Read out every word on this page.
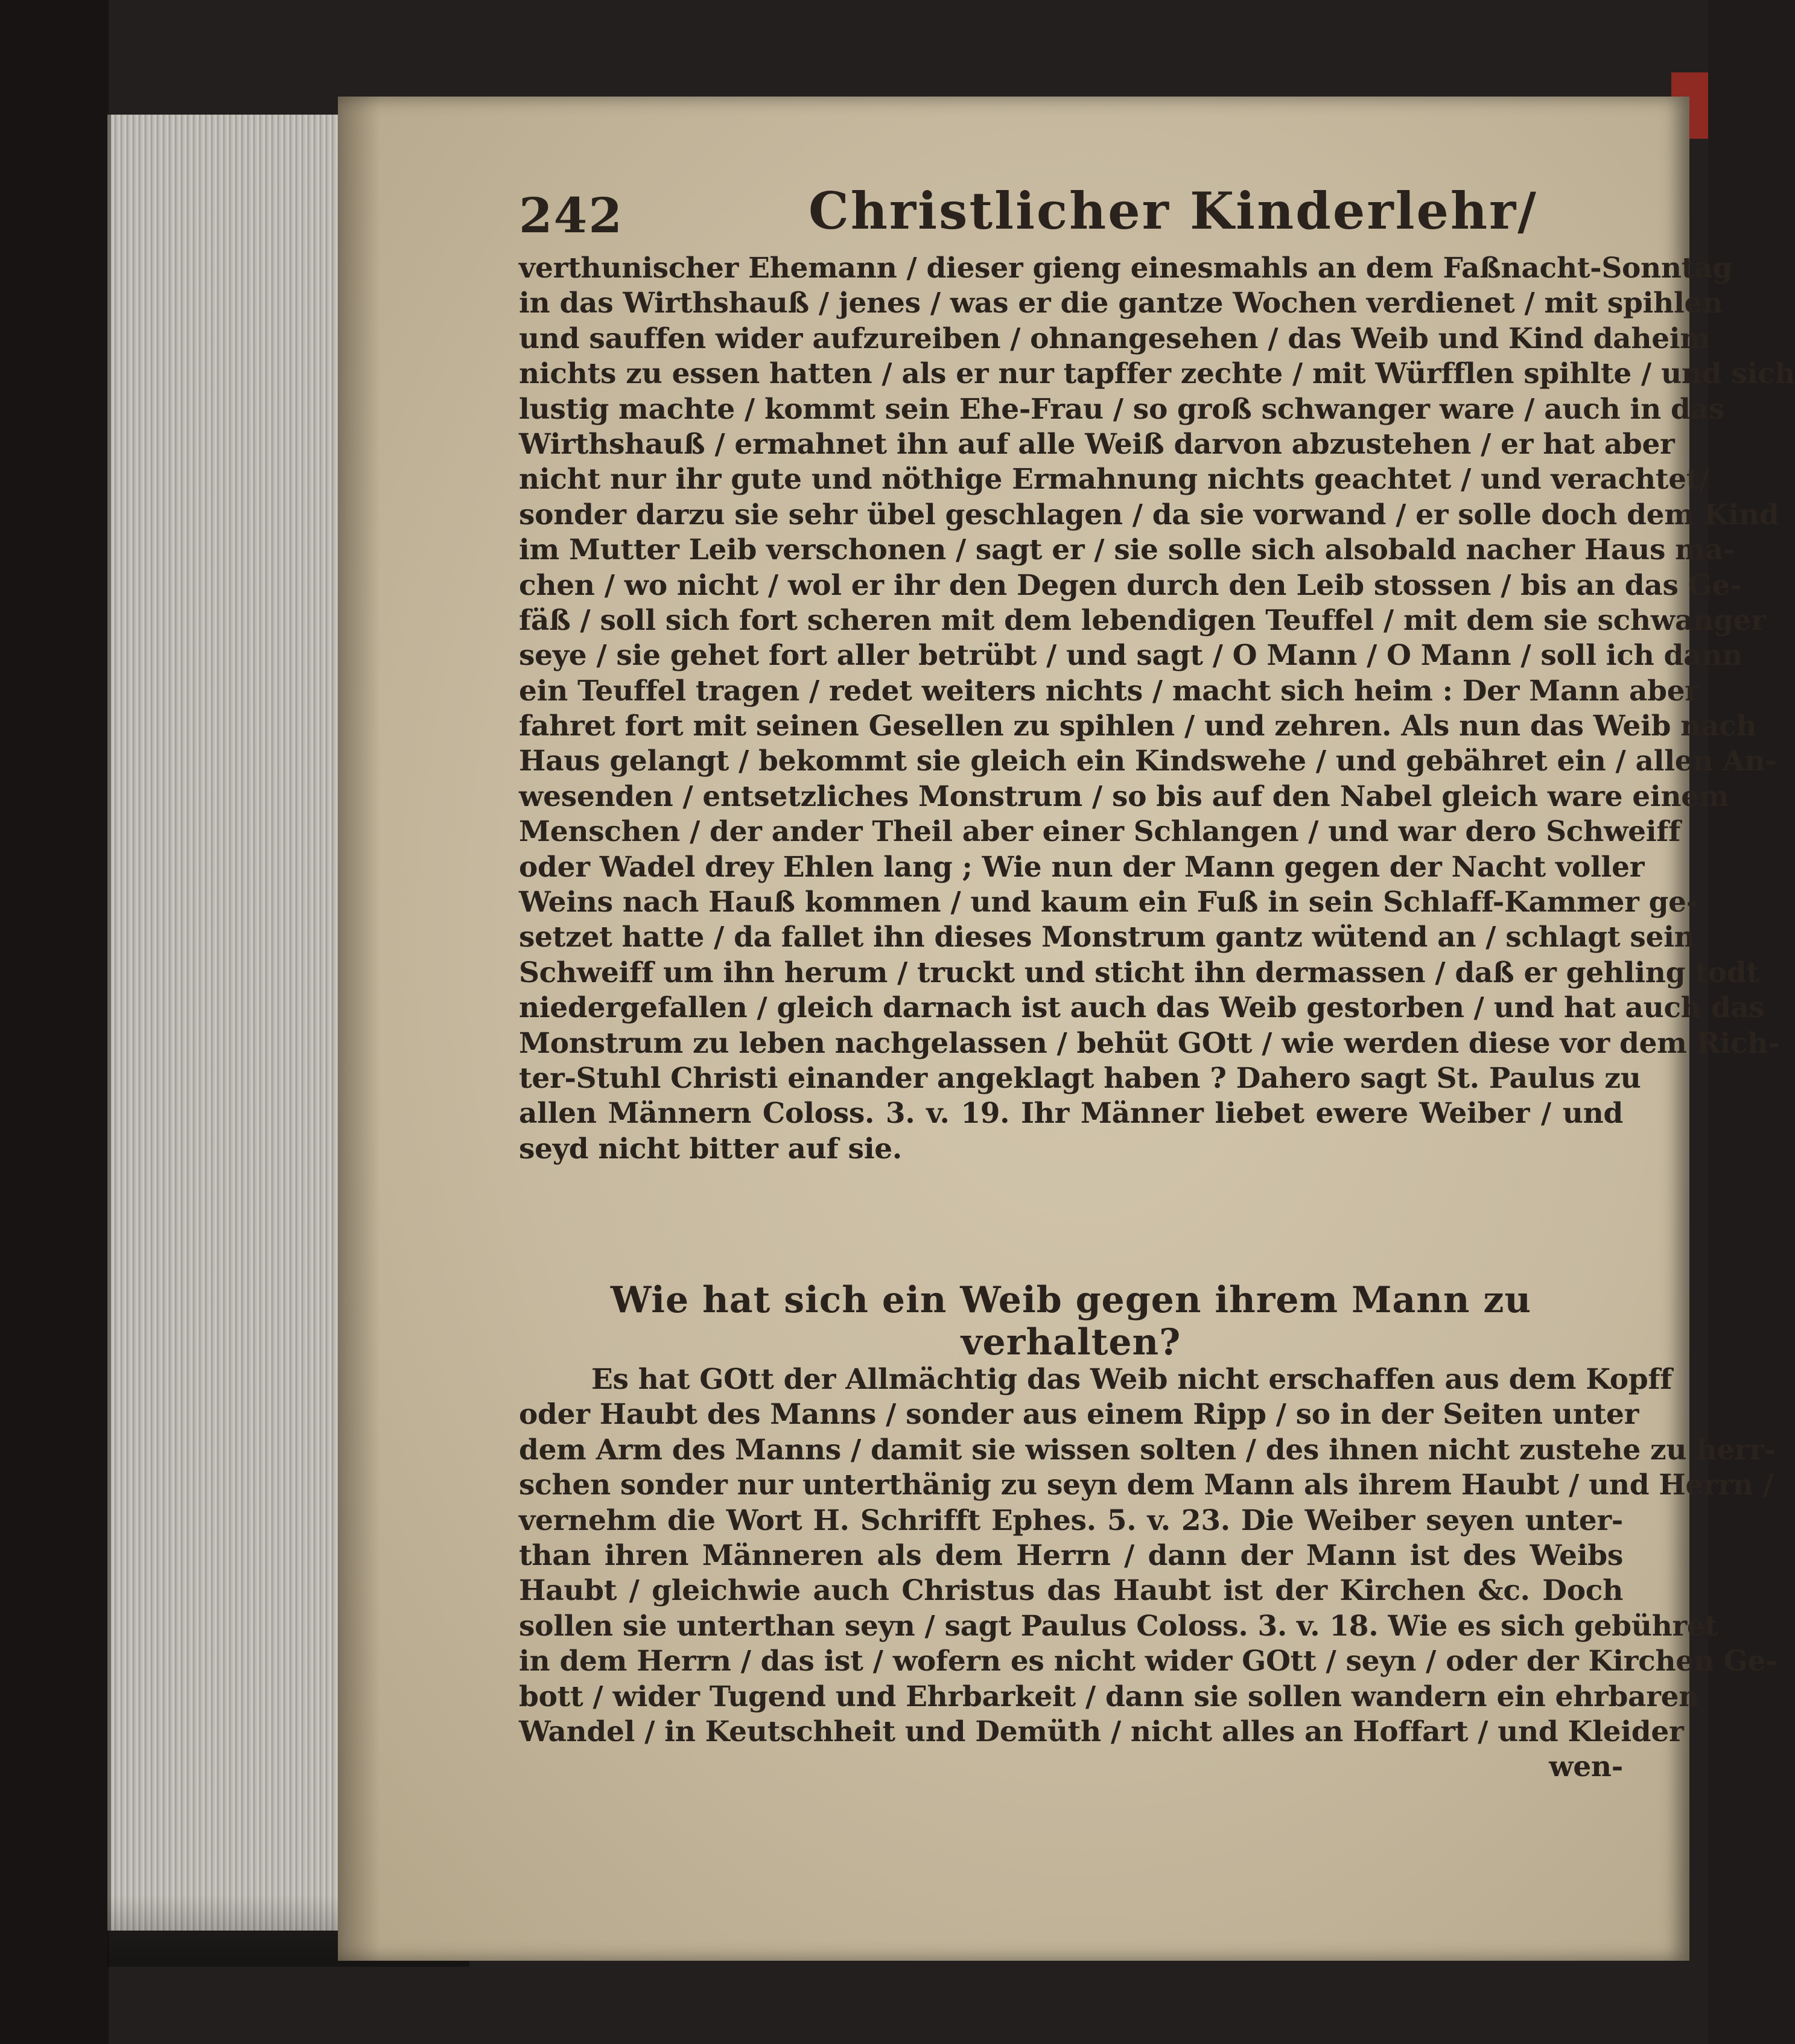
242	Christlicher Kinderlehr/
verthunischer Ehemann / dieser gieng einesmahls an dem Faßnacht-Sonntag
in das Wirthshauß / jenes / was er die gantze Wochen verdienet / mit spihlen
und sauffen wider aufzureiben / ohnangesehen / das Weib und Kind daheim
nichts zu essen hatten / als er nur tapffer zechte / mit Würfflen spihlte / und sich
lustig machte / kommt sein Ehe-Frau / so groß schwanger ware / auch in das
Wirthshauß / ermahnet ihn auf alle Weiß darvon abzustehen / er hat aber
nicht nur ihr gute und nöthige Ermahnung nichts geachtet / und verachtet/
sonder darzu sie sehr übel geschlagen / da sie vorwand / er solle doch dem Kind
im Mutter Leib verschonen / sagt er / sie solle sich alsobald nacher Haus ma-
chen / wo nicht / wol er ihr den Degen durch den Leib stossen / bis an das Ge-
fäß / soll sich fort scheren mit dem lebendigen Teuffel / mit dem sie schwanger
seye / sie gehet fort aller betrübt / und sagt / O Mann / O Mann / soll ich dann
ein Teuffel tragen / redet weiters nichts / macht sich heim : Der Mann aber
fahret fort mit seinen Gesellen zu spihlen / und zehren. Als nun das Weib nach
Haus gelangt / bekommt sie gleich ein Kindswehe / und gebähret ein / allen An-
wesenden / entsetzliches Monstrum / so bis auf den Nabel gleich ware einem
Menschen / der ander Theil aber einer Schlangen / und war dero Schweiff
oder Wadel drey Ehlen lang ; Wie nun der Mann gegen der Nacht voller
Weins nach Hauß kommen / und kaum ein Fuß in sein Schlaff-Kammer ge-
setzet hatte / da fallet ihn dieses Monstrum gantz wütend an / schlagt sein
Schweiff um ihn herum / truckt und sticht ihn dermassen / daß er gehling todt
niedergefallen / gleich darnach ist auch das Weib gestorben / und hat auch das
Monstrum zu leben nachgelassen / behüt GOtt / wie werden diese vor dem Rich-
ter-Stuhl Christi einander angeklagt haben ? Dahero sagt St. Paulus zu
allen Männern Coloss. 3. v. 19. Ihr Männer liebet ewere Weiber / und
seyd nicht bitter auf sie.
Wie hat sich ein Weib gegen ihrem Mann zu verhalten?
Es hat GOtt der Allmächtig das Weib nicht erschaffen aus dem Kopff
oder Haubt des Manns / sonder aus einem Ripp / so in der Seiten unter
dem Arm des Manns / damit sie wissen solten / des ihnen nicht zustehe zu herr-
schen sonder nur unterthänig zu seyn dem Mann als ihrem Haubt / und Herrn /
vernehm die Wort H. Schrifft Ephes. 5. v. 23. Die Weiber seyen unter-
than ihren Männeren als dem Herrn / dann der Mann ist des Weibs
Haubt / gleichwie auch Christus das Haubt ist der Kirchen &c. Doch
sollen sie unterthan seyn / sagt Paulus Coloss. 3. v. 18. Wie es sich gebühret
in dem Herrn / das ist / wofern es nicht wider GOtt / seyn / oder der Kirchen Ge-
bott / wider Tugend und Ehrbarkeit / dann sie sollen wandern ein ehrbaren
Wandel / in Keutschheit und Demüth / nicht alles an Hoffart / und Kleider
wen-
